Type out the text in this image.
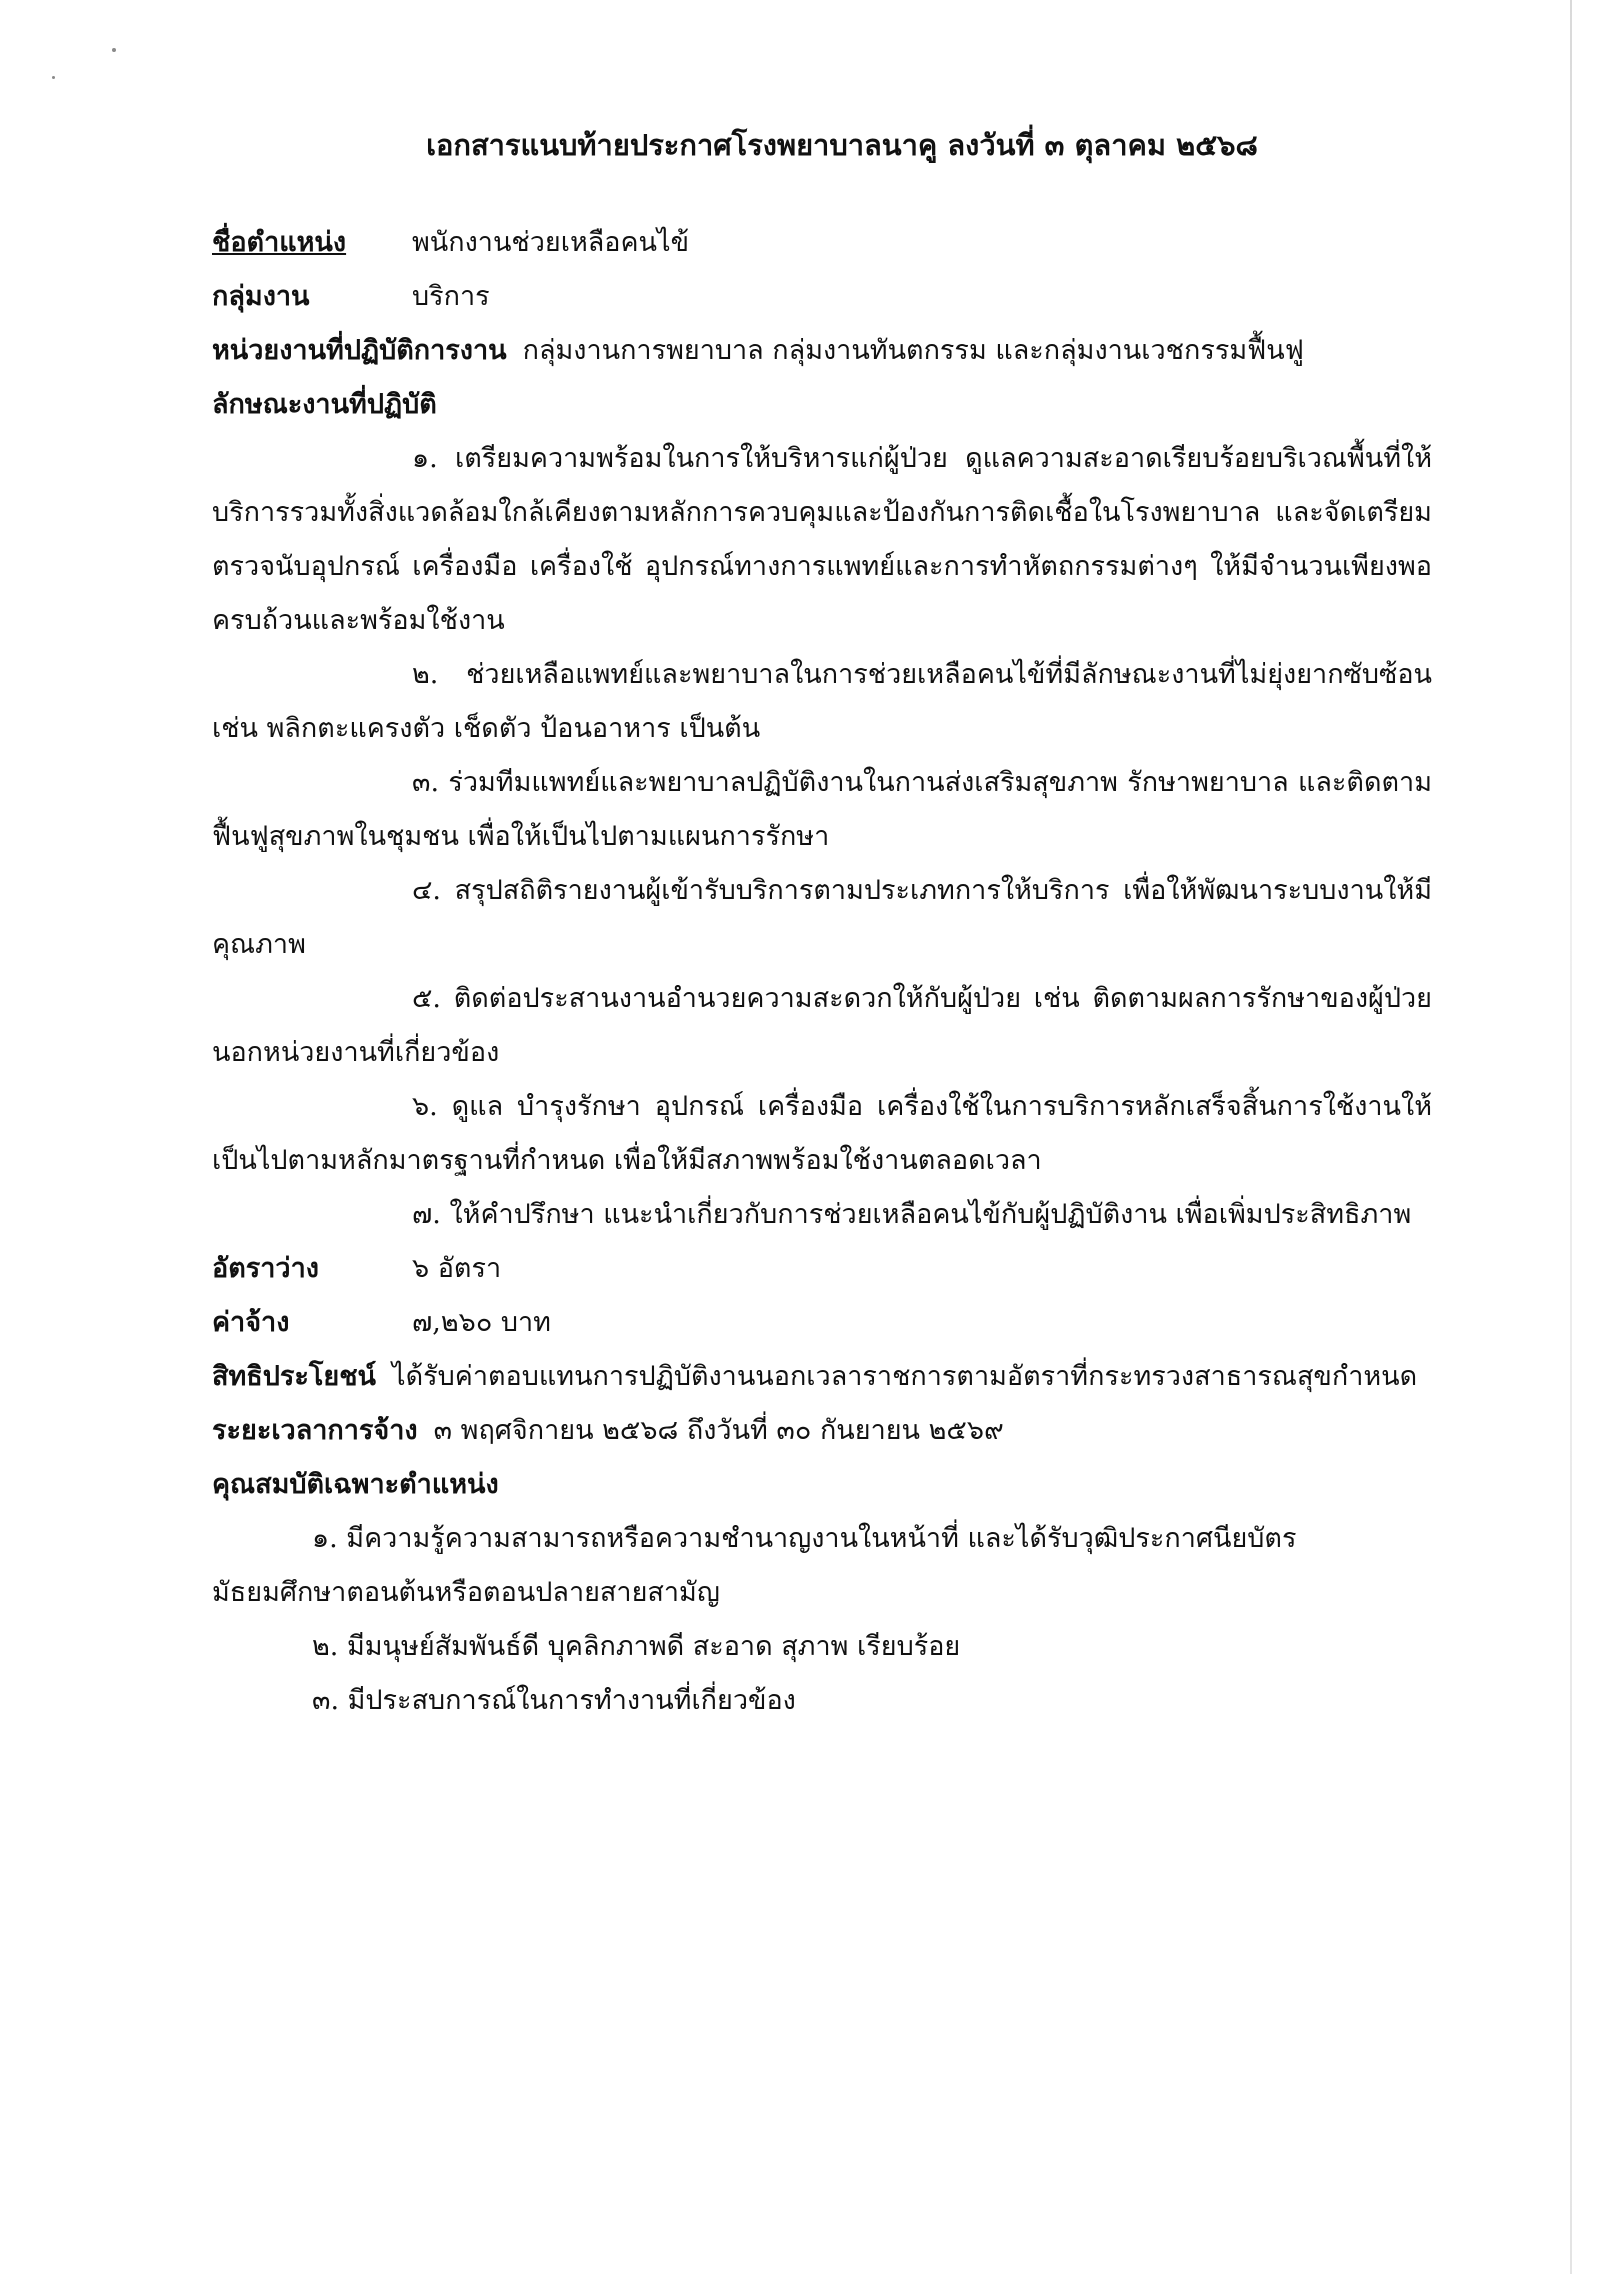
เอกสารแนบท้ายประกาศโรงพยาบาลนาคู ลงวันที่ ๓ ตุลาคม ๒๕๖๘
ชื่อตำแหน่ง	พนักงานช่วยเหลือคนไข้
กลุ่มงาน	บริการ
หน่วยงานที่ปฏิบัติการงาน กลุ่มงานการพยาบาล กลุ่มงานทันตกรรม และกลุ่มงานเวชกรรมฟื้นฟู
ลักษณะงานที่ปฏิบัติ

๑. เตรียมความพร้อมในการให้บริหารแก่ผู้ป่วย ดูแลความสะอาดเรียบร้อยบริเวณพื้นที่ให้บริการรวมทั้งสิ่งแวดล้อมใกล้เคียงตามหลักการควบคุมและป้องกันการติดเชื้อในโรงพยาบาล และจัดเตรียมตรวจนับอุปกรณ์ เครื่องมือ เครื่องใช้ อุปกรณ์ทางการแพทย์และการทำหัตถกรรมต่างๆ ให้มีจำนวนเพียงพอครบถ้วนและพร้อมใช้งาน

๒. ช่วยเหลือแพทย์และพยาบาลในการช่วยเหลือคนไข้ที่มีลักษณะงานที่ไม่ยุ่งยากซับซ้อน เช่น พลิกตะแครงตัว เช็ดตัว ป้อนอาหาร เป็นต้น

๓. ร่วมทีมแพทย์และพยาบาลปฏิบัติงานในกานส่งเสริมสุขภาพ รักษาพยาบาล และติดตามฟื้นฟูสุขภาพในชุมชน เพื่อให้เป็นไปตามแผนการรักษา

๔. สรุปสถิติรายงานผู้เข้ารับบริการตามประเภทการให้บริการ เพื่อให้พัฒนาระบบงานให้มีคุณภาพ

๕. ติดต่อประสานงานอำนวยความสะดวกให้กับผู้ป่วย เช่น ติดตามผลการรักษาของผู้ป่วยนอกหน่วยงานที่เกี่ยวข้อง

๖. ดูแล บำรุงรักษา อุปกรณ์ เครื่องมือ เครื่องใช้ในการบริการหลักเสร็จสิ้นการใช้งานให้เป็นไปตามหลักมาตรฐานที่กำหนด เพื่อให้มีสภาพพร้อมใช้งานตลอดเวลา

๗. ให้คำปรึกษา แนะนำเกี่ยวกับการช่วยเหลือคนไข้กับผู้ปฏิบัติงาน เพื่อเพิ่มประสิทธิภาพ

อัตราว่าง	๖ อัตรา
ค่าจ้าง	๗,๒๖๐ บาท
สิทธิประโยชน์ ได้รับค่าตอบแทนการปฏิบัติงานนอกเวลาราชการตามอัตราที่กระทรวงสาธารณสุขกำหนด
ระยะเวลาการจ้าง ๓ พฤศจิกายน ๒๕๖๘ ถึงวันที่ ๓๐ กันยายน ๒๕๖๙
คุณสมบัติเฉพาะตำแหน่ง

๑. มีความรู้ความสามารถหรือความชำนาญงานในหน้าที่ และได้รับวุฒิประกาศนียบัตร มัธยมศึกษาตอนต้นหรือตอนปลายสายสามัญ

๒. มีมนุษย์สัมพันธ์ดี บุคลิกภาพดี สะอาด สุภาพ เรียบร้อย

๓. มีประสบการณ์ในการทำงานที่เกี่ยวข้อง
